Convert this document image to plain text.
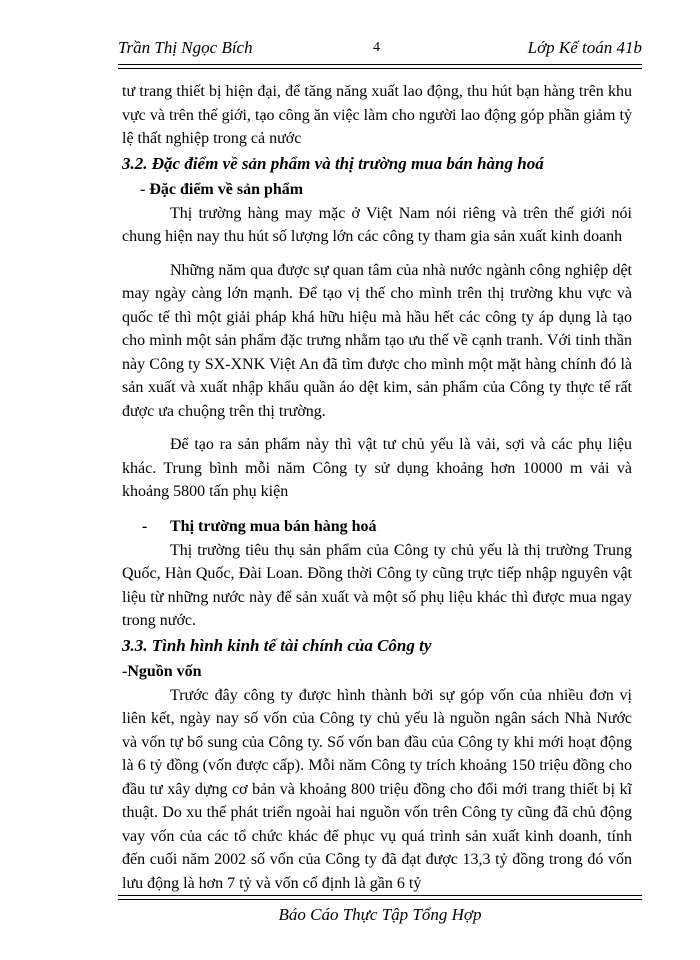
Trần Thị Ngọc Bích	4	Lớp Kế toán 41b

tư trang thiết bị hiện đại, để tăng năng xuất lao động, thu hút bạn hàng trên khu vực và trên thế giới, tạo công ăn việc làm cho người lao động góp phần giảm tỷ lệ thất nghiệp trong cả nước

3.2. Đặc điểm về sản phẩm và thị trường mua bán hàng hoá
- Đặc điểm về sản phẩm

Thị trường hàng may mặc ở Việt Nam nói riêng và trên thế giới nói chung hiện nay thu hút số lượng lớn các công ty tham gia sản xuất kinh doanh

Những năm qua được sự quan tâm của nhà nước ngành công nghiệp dệt may ngày càng lớn mạnh. Để tạo vị thế cho mình trên thị trường khu vực và quốc tế thì một giải pháp khá hữu hiệu mà hầu hết các công ty áp dụng là tạo cho mình một sản phẩm đặc trưng nhằm tạo ưu thế về cạnh tranh. Với tinh thần này Công ty SX-XNK Việt An đã tìm được cho mình một mặt hàng chính đó là sản xuất và xuất nhập khẩu quần áo dệt kim, sản phẩm của Công ty thực tế rất được ưa chuộng trên thị trường.

Để tạo ra sản phẩm này thì vật tư chủ yếu là vải, sợi và các phụ liệu khác. Trung bình mỗi năm Công ty sử dụng khoảng hơn 10000 m vải và khoảng 5800 tấn phụ kiện

- Thị trường mua bán hàng hoá

Thị trường tiêu thụ sản phẩm của Công ty chủ yếu là thị trường Trung Quốc, Hàn Quốc, Đài Loan. Đồng thời Công ty cũng trực tiếp nhập nguyên vật liệu từ những nước này để sản xuất và một số phụ liệu khác thì được mua ngay trong nước.

3.3. Tình hình kinh tế tài chính của Công ty
-Nguồn vốn

Trước đây công ty được hình thành bởi sự góp vốn của nhiều đơn vị liên kết, ngày nay số vốn của Công ty chủ yếu là nguồn ngân sách Nhà Nước và vốn tự bổ sung của Công ty. Số vốn ban đầu của Công ty khi mới hoạt động là 6 tỷ đồng (vốn được cấp). Mỗi năm Công ty trích khoảng 150 triệu đồng cho đầu tư xây dựng cơ bản và khoảng 800 triệu đồng cho đổi mới trang thiết bị kĩ thuật. Do xu thế phát triển ngoài hai nguồn vốn trên Công ty cũng đã chủ động vay vốn của các tổ chức khác để phục vụ quá trình sản xuất kinh doanh, tính đến cuối năm 2002 số vốn của Công ty đã đạt được 13,3 tỷ đồng trong đó vốn lưu động là hơn 7 tỷ và vốn cố định là gần 6 tỷ

Báo Cáo Thực Tập Tổng Hợp
